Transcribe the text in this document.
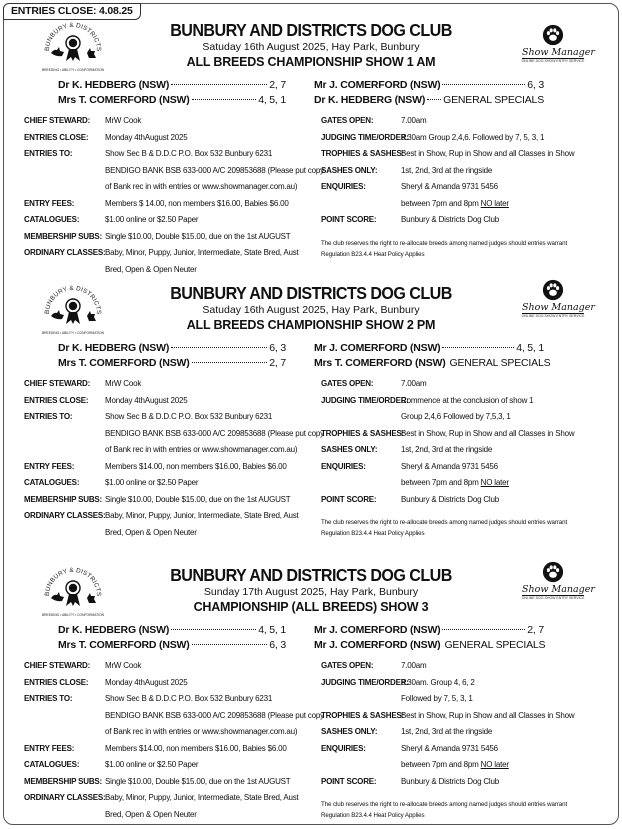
ENTRIES CLOSE: 4.08.25
BUNBURY & DISTRICTS
BREEDING • ABILITY • CONFORMATION
Show Manager
ONLINE DOG SHOW ENTRY SERVICE
BUNBURY AND DISTRICTS DOG CLUB
Satuday 16th August 2025, Hay Park, Bunbury
ALL BREEDS CHAMPIONSHIP SHOW 1 AM
Dr K. HEDBERG (NSW)	2, 7
Mrs T. COMERFORD (NSW)	4, 5, 1
Mr J. COMERFORD (NSW)	6, 3
Dr K. HEDBERG (NSW) GENERAL SPECIALS
CHIEF STEWARD:	MrW Cook
ENTRIES CLOSE:	Monday 4thAugust 2025
ENTRIES TO:	Show Sec B & D.D.C P.O. Box 532 Bunbury 6231
BENDIGO BANK BSB 633-000 A/C 209853688 (Please put copy
of Bank rec in with entries or www.showmanager.com.au)
ENTRY FEES:	Members $ 14.00, non members $16.00, Babies $6.00
CATALOGUES:	$1.00 online or $2.50 Paper
MEMBERSHIP SUBS: Single $10.00, Double $15.00, due on the 1st AUGUST
ORDINARY CLASSES: Baby, Minor, Puppy, Junior, Intermediate, State Bred, Aust
Bred, Open & Open Neuter
GATES OPEN:	7.00am
JUDGING TIME/ORDER:
8.30am Group 2,4,6. Followed by 7, 5, 3, 1
TROPHIES & SASHES:
Best in Show, Rup in Show and all Classes in Show
SASHES ONLY:	1st, 2nd, 3rd at the ringside
ENQUIRIES:	Sheryl & Amanda 9731 5456
between 7pm and 8pm NO later
POINT SCORE:	Bunbury & Districts Dog Club
The club reserves the right to re-allocate breeds among named judges should entries warrant
Regulation B23.4.4 Heat Policy Applies
BUNBURY & DISTRICTS
BREEDING • ABILITY • CONFORMATION
Show Manager
ONLINE DOG SHOW ENTRY SERVICE
BUNBURY AND DISTRICTS DOG CLUB
Satuday 16th August 2025, Hay Park, Bunbury
ALL BREEDS CHAMPIONSHIP SHOW 2 PM
Dr K. HEDBERG (NSW)	6, 3
Mrs T. COMERFORD (NSW)	2, 7
Mr J. COMERFORD (NSW)	4, 5, 1
Mrs T. COMERFORD (NSW) GENERAL SPECIALS
CHIEF STEWARD:	MrW Cook
ENTRIES CLOSE:	Monday 4thAugust 2025
ENTRIES TO:	Show Sec B & D.D.C P.O. Box 532 Bunbury 6231
BENDIGO BANK BSB 633-000 A/C 209853688 (Please put copy
of Bank rec in with entries or www.showmanager.com.au)
ENTRY FEES:	Members $14.00, non members $16.00, Babies $6.00
CATALOGUES:	$1.00 online or $2.50 Paper
MEMBERSHIP SUBS: Single $10.00, Double $15.00, due on the 1st AUGUST
ORDINARY CLASSES: Baby, Minor, Puppy, Junior, Intermediate, State Bred, Aust
Bred, Open & Open Neuter
GATES OPEN:	7.00am
JUDGING TIME/ORDER:
Commence at the conclusion of show 1
Group 2,4,6 Followed by 7,5,3, 1
TROPHIES & SASHES:
Best in Show, Rup in Show and all Classes in Show
SASHES ONLY:	1st, 2nd, 3rd at the ringside
ENQUIRIES:	Sheryl & Amanda 9731 5456
between 7pm and 8pm NO later
POINT SCORE:	Bunbury & Districts Dog Club
The club reserves the right to re-allocate breeds among named judges should entries warrant
Regulation B23.4.4 Heat Policy Applies
BUNBURY & DISTRICTS
BREEDING • ABILITY • CONFORMATION
Show Manager
ONLINE DOG SHOW ENTRY SERVICE
BUNBURY AND DISTRICTS DOG CLUB
Sunday 17th August 2025, Hay Park, Bunbury
CHAMPIONSHIP (ALL BREEDS) SHOW 3
Dr K. HEDBERG (NSW)	4, 5, 1
Mrs T. COMERFORD (NSW)	6, 3
Mr J. COMERFORD (NSW)	2, 7
Mr J. COMERFORD (NSW) GENERAL SPECIALS
CHIEF STEWARD:	MrW Cook
ENTRIES CLOSE:	Monday 4thAugust 2025
ENTRIES TO:	Show Sec B & D.D.C P.O. Box 532 Bunbury 6231
BENDIGO BANK BSB 633-000 A/C 209853688 (Please put copy
of Bank rec in with entries or www.showmanager.com.au)
ENTRY FEES:	Members $14.00, non members $16.00, Babies $6.00
CATALOGUES:	$1.00 online or $2.50 Paper
MEMBERSHIP SUBS: Single $10.00, Double $15.00, due on the 1st AUGUST
ORDINARY CLASSES: Baby, Minor, Puppy, Junior, Intermediate, State Bred, Aust
Bred, Open & Open Neuter
GATES OPEN:	7.00am
JUDGING TIME/ORDER:
8.30am. Group 4, 6, 2
Followed by 7, 5, 3, 1
TROPHIES & SASHES:
Best in Show, Rup in Show and all Classes in Show
SASHES ONLY:	1st, 2nd, 3rd at the ringside
ENQUIRIES:	Sheryl & Amanda 9731 5456
between 7pm and 8pm NO later
POINT SCORE:	Bunbury & Districts Dog Club
The club reserves the right to re-allocate breeds among named judges should entries warrant
Regulation B23.4.4 Heat Policy Applies
